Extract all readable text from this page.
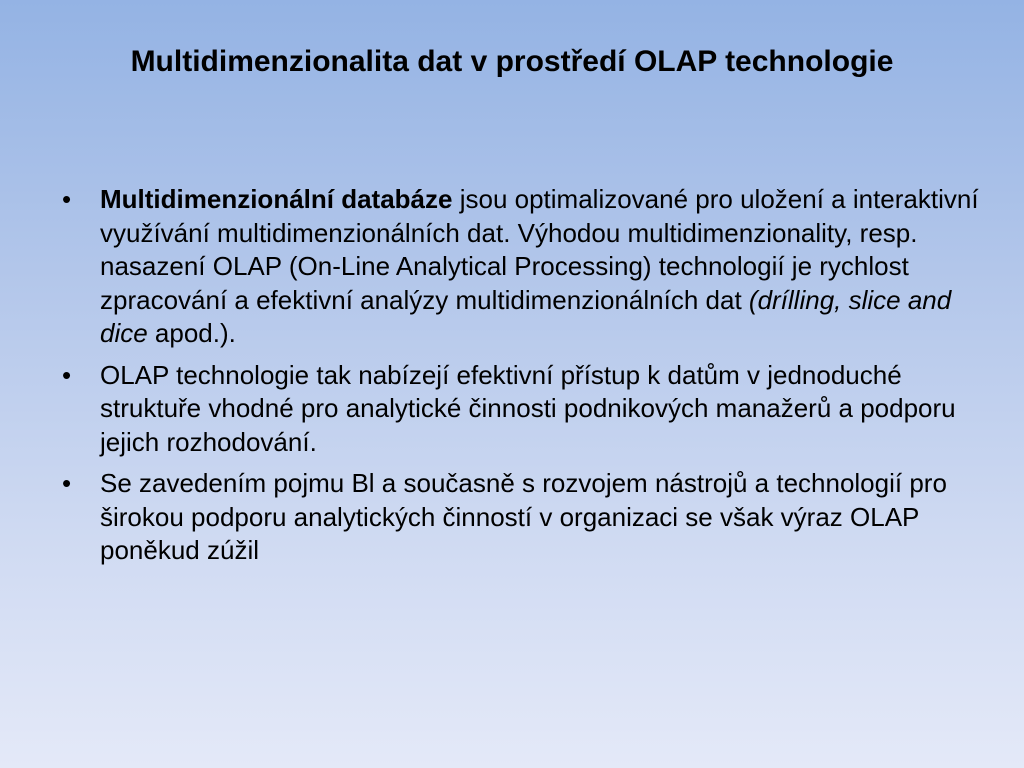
Multidimenzionalita dat v prostředí OLAP technologie
• Multidimenzionální databáze jsou optimalizované pro uložení a interaktivní využívání multidimenzionálních dat. Výhodou multidimenzionality, resp. nasazení OLAP (On-Line Analytical Processing) technologií je rychlost zpracování a efektivní analýzy multidimenzionálních dat (drílling, slice and dice apod.).
• OLAP technologie tak nabízejí efektivní přístup k datům v jednoduché struktuře vhodné pro analytické činnosti podnikových manažerů a podporu jejich rozhodování.
• Se zavedením pojmu Bl a současně s rozvojem nástrojů a technologií pro širokou podporu analytických činností v organizaci se však výraz OLAP poněkud zúžil
